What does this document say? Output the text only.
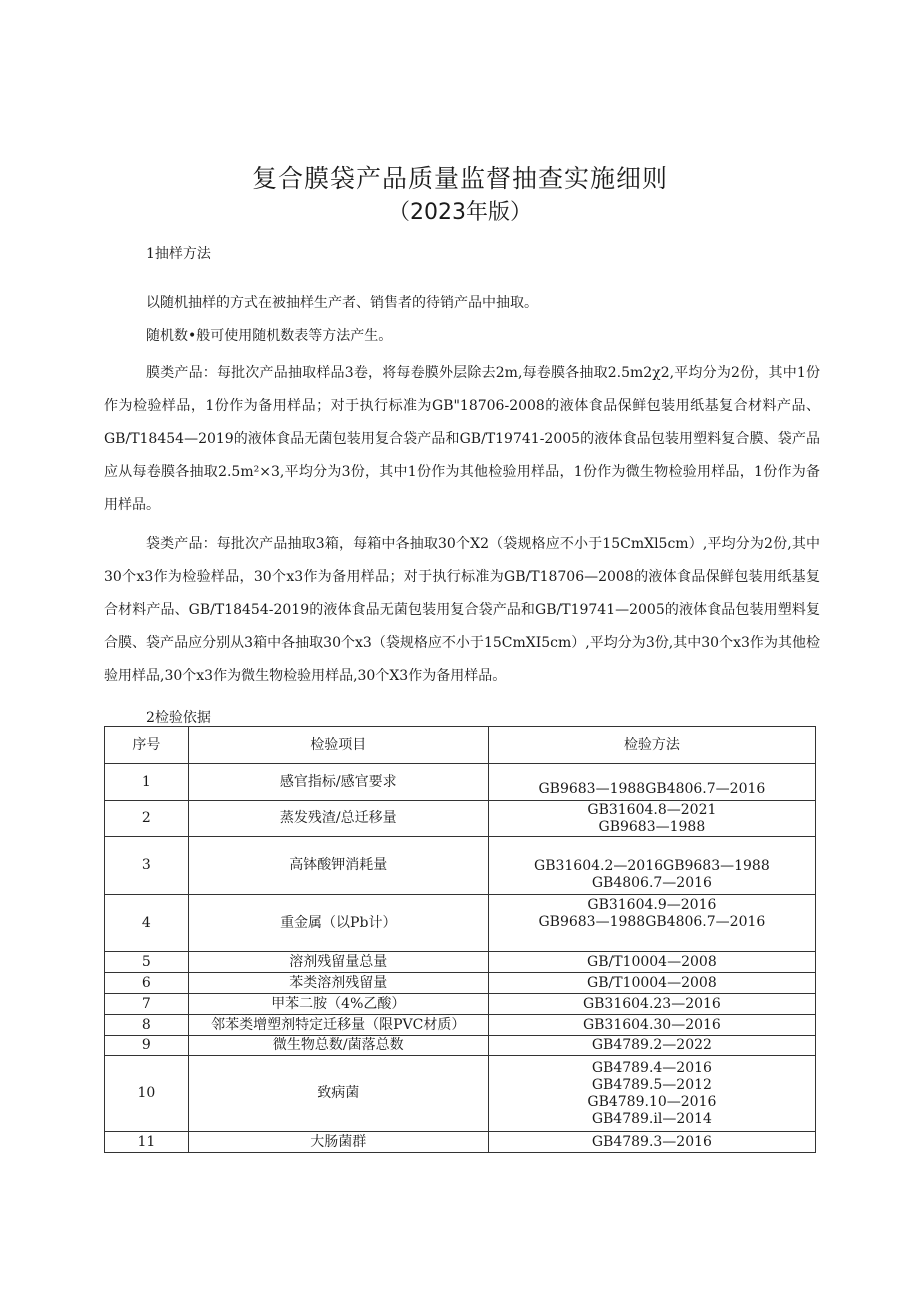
复合膜袋产品质量监督抽查实施细则
（2023年版）
1抽样方法

以随机抽样的方式在被抽样生产者、销售者的待销产品中抽取。

随机数•般可使用随机数表等方法产生。

膜类产品：每批次产品抽取样品3卷，将每卷膜外层除去2m,每卷膜各抽取2.5m2χ2,平均分为2份，其中1份作为检验样品，1份作为备用样品；对于执行标准为GB"18706-2008的液体食品保鲜包装用纸基复合材料产品、GB/T18454—2019的液体食品无菌包装用复合袋产品和GB/T19741-2005的液体食品包装用塑料复合膜、袋产品应从每卷膜各抽取2.5m²×3,平均分为3份，其中1份作为其他检验用样品，1份作为微生物检验用样品，1份作为备用样品。

袋类产品：每批次产品抽取3箱，每箱中各抽取30个X2（袋规格应不小于15CmXl5cm）,平均分为2份,其中30个x3作为检验样品，30个x3作为备用样品；对于执行标准为GB/T18706—2008的液体食品保鲜包装用纸基复合材料产品、GB/T18454-2019的液体食品无菌包装用复合袋产品和GB/T19741—2005的液体食品包装用塑料复合膜、袋产品应分别从3箱中各抽取30个x3（袋规格应不小于15CmXI5cm）,平均分为3份,其中30个x3作为其他检验用样品,30个x3作为微生物检验用样品,30个X3作为备用样品。

2检验依据
序号	检验项目	检验方法
1	感官指标/感官要求	GB9683—1988GB4806.7—2016

2	蒸发残渣/总迁移量	GB31604.8—2021
GB9683—1988

3	高钵酸钾消耗量	GB31604.2—2016GB9683—1988
GB4806.7—2016

4	重金属（以Pb计）	GB31604.9—2016
GB9683—1988GB4806.7—2016

5	溶剂残留量总量	GB/T10004—2008

6	苯类溶剂残留量	GB/T10004—2008

7	甲苯二胺（4%乙酸）	GB31604.23—2016

8	邻苯类增塑剂特定迁移量（限PVC材质）	GB31604.30—2016

9	微生物总数/菌落总数	GB4789.2—2022

10	致病菌	GB4789.4—2016
GB4789.5—2012
GB4789.10—2016
GB4789.il—2014

11	大肠菌群	GB4789.3—2016
